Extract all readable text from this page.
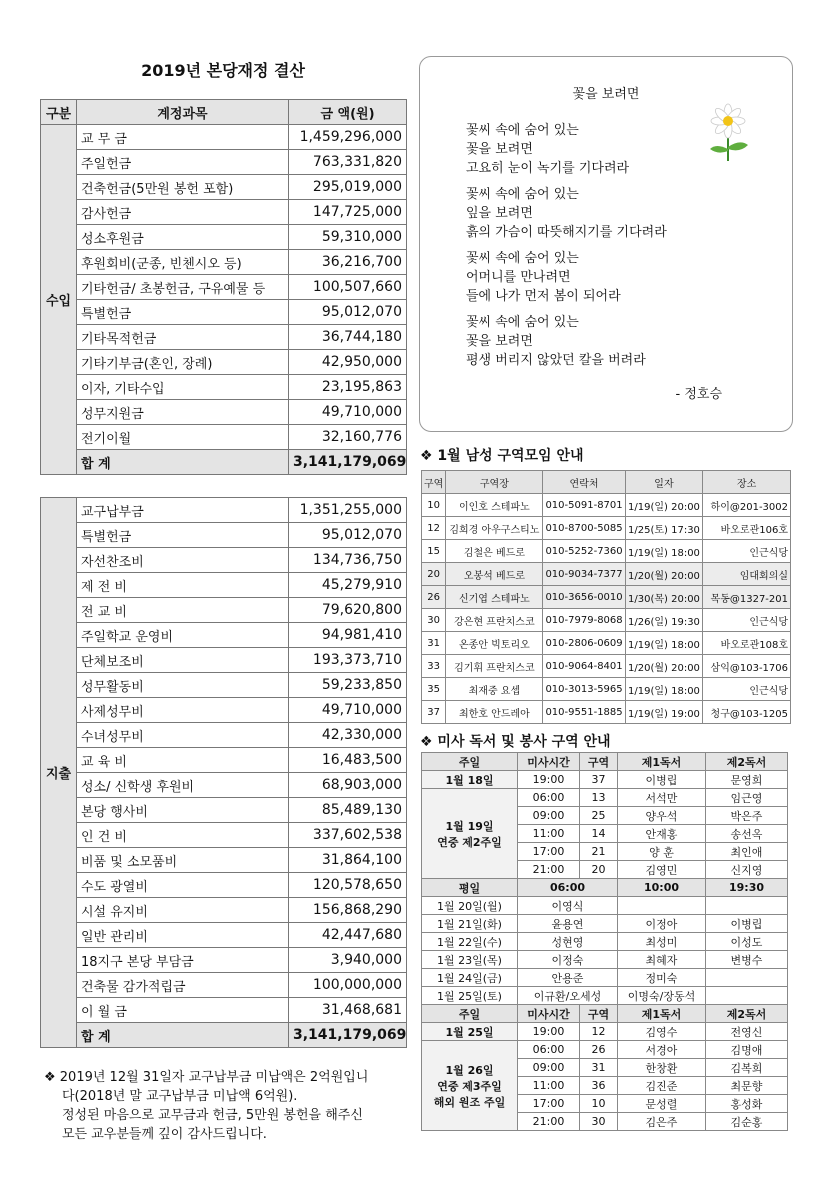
2019년 본당재정 결산
구분	계정과목	금 액(원)
수입	교 무 금	1,459,296,000
	주일헌금	763,331,820
	건축헌금(5만원 봉헌 포함)	295,019,000
	감사헌금	147,725,000
	성소후원금	59,310,000
	후원회비(군종, 빈첸시오 등)	36,216,700
	기타헌금/ 초봉헌금, 구유예물 등	100,507,660
	특별헌금	95,012,070
	기타목적헌금	36,744,180
	기타기부금(혼인, 장례)	42,950,000
	이자, 기타수입	23,195,863
	성무지원금	49,710,000
	전기이월	32,160,776
	합 계	3,141,179,069
지출	교구납부금	1,351,255,000
	특별헌금	95,012,070
	자선찬조비	134,736,750
	제 전 비	45,279,910
	전 교 비	79,620,800
	주일학교 운영비	94,981,410
	단체보조비	193,373,710
	성무활동비	59,233,850
	사제성무비	49,710,000
	수녀성무비	42,330,000
	교 육 비	16,483,500
	성소/ 신학생 후원비	68,903,000
	본당 행사비	85,489,130
	인 건 비	337,602,538
	비품 및 소모품비	31,864,100
	수도 광열비	120,578,650
	시설 유지비	156,868,290
	일반 관리비	42,447,680
	18지구 본당 부담금	3,940,000
	건축물 감가적립금	100,000,000
	이 월 금	31,468,681
	합 계	3,141,179,069
❖ 2019년 12월 31일자 교구납부금 미납액은 2억원입니
다(2018년 말 교구납부금 미납액 6억원).
정성된 마음으로 교무금과 헌금, 5만원 봉헌을 해주신
모든 교우분들께 깊이 감사드립니다.
꽃을 보려면
꽃씨 속에 숨어 있는
꽃을 보려면
고요히 눈이 녹기를 기다려라
꽃씨 속에 숨어 있는
잎을 보려면
흙의 가슴이 따뜻해지기를 기다려라
꽃씨 속에 숨어 있는
어머니를 만나려면
들에 나가 먼저 봄이 되어라
꽃씨 속에 숨어 있는
꽃을 보려면
평생 버리지 않았던 칼을 버려라
- 정호승
❖ 1월 남성 구역모임 안내
구역	구역장	연락처	일자	장소
10	이인호 스테파노	010-5091-8701	1/19(일) 20:00	하이@201-3002
12	김희경 아우구스티노	010-8700-5085	1/25(토) 17:30	바오로관106호
15	김철은 베드로	010-5252-7360	1/19(일) 18:00	인근식당
20	오봉석 베드로	010-9034-7377	1/20(월) 20:00	임대회의실
26	신기엽 스테파노	010-3656-0010	1/30(목) 20:00	목동@1327-201
30	강은현 프란치스코	010-7979-8068	1/26(일) 19:30	인근식당
31	온종안 빅토리오	010-2806-0609	1/19(일) 18:00	바오로관108호
33	김기휘 프란치스코	010-9064-8401	1/20(월) 20:00	삼익@103-1706
35	최재중 요셉	010-3013-5965	1/19(일) 18:00	인근식당
37	최한호 안드레아	010-9551-1885	1/19(일) 19:00	청구@103-1205
❖ 미사 독서 및 봉사 구역 안내
주일	미사시간	구역	제1독서	제2독서
1월 18일	19:00	37	이병립	문영희

1월 19일
연중 제2주일	06:00	13	서석만	임근영
	09:00	25	양우석	박은주
	11:00	14	안재홍	송선옥
	17:00	21	양 훈	최인애
	21:00	20	김영민	신지영
평일	06:00		10:00	19:30
1월 20일(월)	이영식			
1월 21일(화)	윤용연		이정아	이병립
1월 22일(수)	성현영		최성미	이성도
1월 23일(목)	이정숙		최혜자	변병수
1월 24일(금)	안용준		정미숙	
1월 25일(토)	이규환/오세성		이명숙/장동석	
주일	미사시간	구역	제1독서	제2독서
1월 25일	19:00	12	김영수	전영신

1월 26일
연중 제3주일
해외 원조 주일	06:00	26	서경아	김명애
	09:00	31	한창환	김복희
	11:00	36	김진준	최문향
	17:00	10	문성렬	홍성화
	21:00	30	김은주	김순홍
